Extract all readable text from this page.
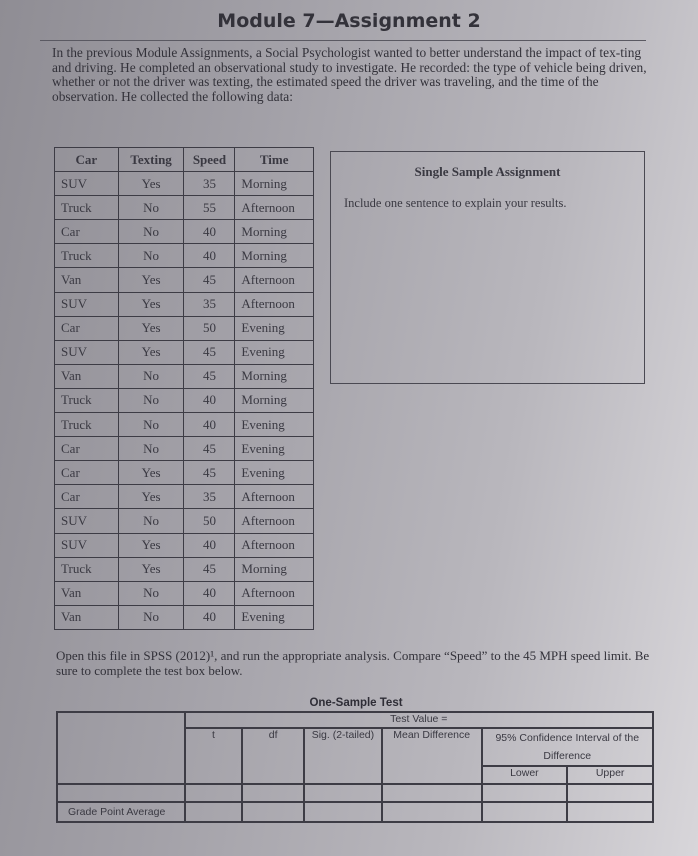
Module 7—Assignment 2

In the previous Module Assignments, a Social Psychologist wanted to better understand the impact of tex-ting and driving. He completed an observational study to investigate. He recorded: the type of vehicle being driven, whether or not the driver was texting, the estimated speed the driver was traveling, and the time of the observation. He collected the following data:

Car	Texting	Speed	Time
SUV	Yes	35	Morning
Truck	No	55	Afternoon
Car	No	40	Morning
Truck	No	40	Morning
Van	Yes	45	Afternoon
SUV	Yes	35	Afternoon
Car	Yes	50	Evening
SUV	Yes	45	Evening
Van	No	45	Morning
Truck	No	40	Morning
Truck	No	40	Evening
Car	No	45	Evening
Car	Yes	45	Evening
Car	Yes	35	Afternoon
SUV	No	50	Afternoon
SUV	Yes	40	Afternoon
Truck	Yes	45	Morning
Van	No	40	Afternoon
Van	No	40	Evening
Single Sample Assignment
Include one sentence to explain your results.

Open this file in SPSS (2012)¹, and run the appropriate analysis. Compare “Speed” to the 45 MPH speed limit. Be sure to complete the test box below.

One-Sample Test
	Test Value =					
	t	df	Sig. (2-tailed)	Mean Difference	95% Confidence Interval of the Difference	

					Lower	Upper

Grade Point Average						
